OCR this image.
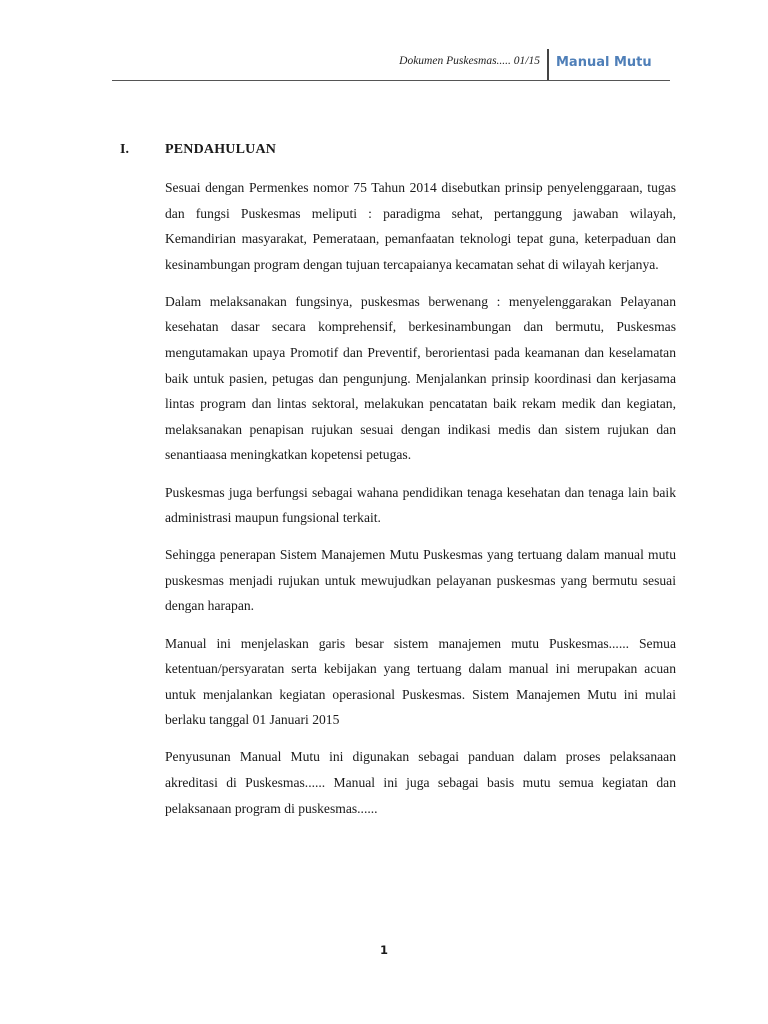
Dokumen Puskesmas..... 01/15 Manual Mutu
I.	PENDAHULUAN

Sesuai dengan Permenkes nomor 75 Tahun 2014 disebutkan prinsip penyelenggaraan, tugas dan fungsi Puskesmas meliputi : paradigma sehat, pertanggung jawaban wilayah, Kemandirian masyarakat, Pemerataan, pemanfaatan teknologi tepat guna, keterpaduan dan kesinambungan program dengan tujuan tercapaianya kecamatan sehat di wilayah kerjanya.

Dalam melaksanakan fungsinya, puskesmas berwenang : menyelenggarakan Pelayanan kesehatan dasar secara komprehensif, berkesinambungan dan bermutu, Puskesmas mengutamakan upaya Promotif dan Preventif, berorientasi pada keamanan dan keselamatan baik untuk pasien, petugas dan pengunjung. Menjalankan prinsip koordinasi dan kerjasama lintas program dan lintas sektoral, melakukan pencatatan baik rekam medik dan kegiatan, melaksanakan penapisan rujukan sesuai dengan indikasi medis dan sistem rujukan dan senantiaasa meningkatkan kopetensi petugas.

Puskesmas juga berfungsi sebagai wahana pendidikan tenaga kesehatan dan tenaga lain baik administrasi maupun fungsional terkait.

Sehingga penerapan Sistem Manajemen Mutu Puskesmas yang tertuang dalam manual mutu puskesmas menjadi rujukan untuk mewujudkan pelayanan puskesmas yang bermutu sesuai dengan harapan.

Manual ini menjelaskan garis besar sistem manajemen mutu Puskesmas...... Semua ketentuan/persyaratan serta kebijakan yang tertuang dalam manual ini merupakan acuan untuk menjalankan kegiatan operasional Puskesmas. Sistem Manajemen Mutu ini mulai berlaku tanggal 01 Januari 2015

Penyusunan Manual Mutu ini digunakan sebagai panduan dalam proses pelaksanaan akreditasi di Puskesmas...... Manual ini juga sebagai basis mutu semua kegiatan dan pelaksanaan program di puskesmas......

1
